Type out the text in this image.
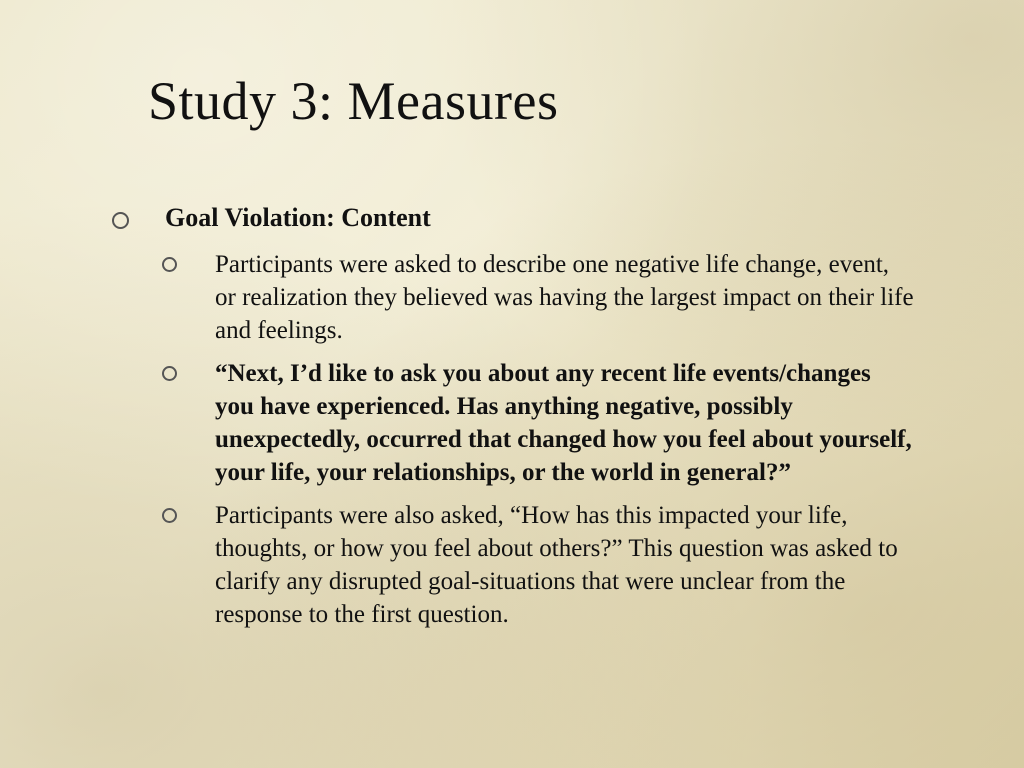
Study 3: Measures
Goal Violation: Content
Participants were asked to describe one negative life change, event, or realization they believed was having the largest impact on their life and feelings.
“Next, I’d like to ask you about any recent life events/changes you have experienced. Has anything negative, possibly unexpectedly, occurred that changed how you feel about yourself, your life, your relationships, or the world in general?”
Participants were also asked, “How has this impacted your life, thoughts, or how you feel about others?” This question was asked to clarify any disrupted goal-situations that were unclear from the response to the first question.
